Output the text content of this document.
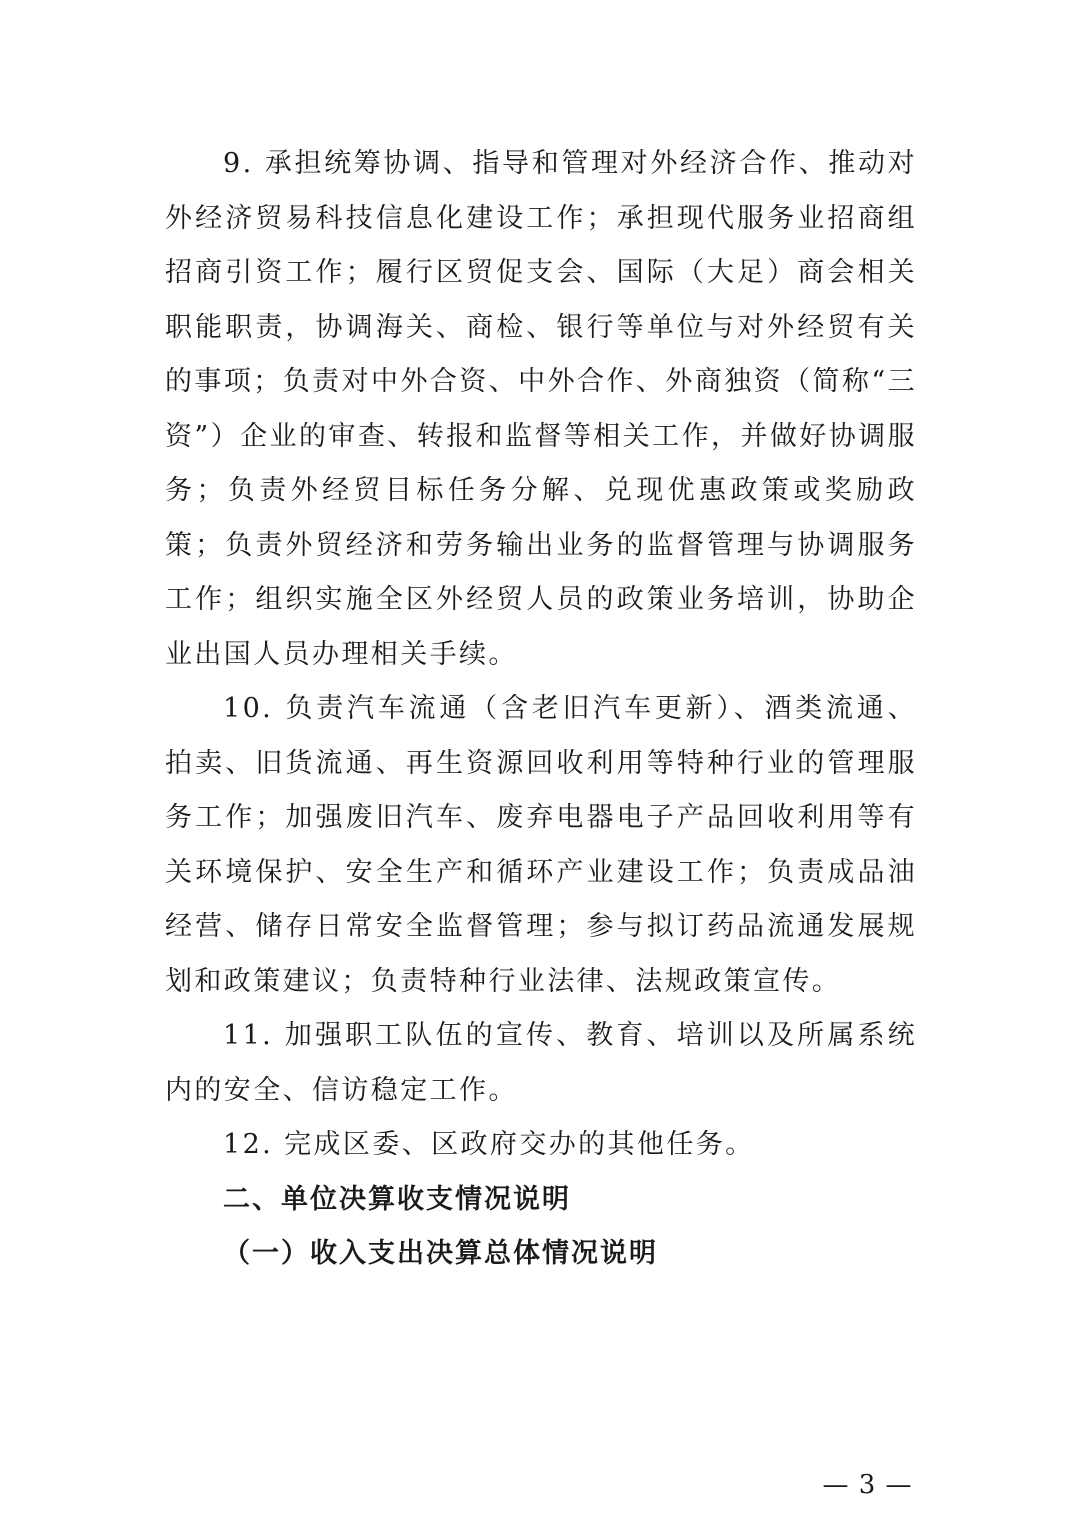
9. 承担统筹协调、指导和管理对外经济合作、推动对外经济贸易科技信息化建设工作；承担现代服务业招商组招商引资工作；履行区贸促支会、国际（大足）商会相关职能职责，协调海关、商检、银行等单位与对外经贸有关的事项；负责对中外合资、中外合作、外商独资（简称“三资”）企业的审查、转报和监督等相关工作，并做好协调服务；负责外经贸目标任务分解、兑现优惠政策或奖励政策；负责外贸经济和劳务输出业务的监督管理与协调服务工作；组织实施全区外经贸人员的政策业务培训，协助企业出国人员办理相关手续。

10. 负责汽车流通（含老旧汽车更新）、酒类流通、拍卖、旧货流通、再生资源回收利用等特种行业的管理服务工作；加强废旧汽车、废弃电器电子产品回收利用等有关环境保护、安全生产和循环产业建设工作；负责成品油经营、储存日常安全监督管理；参与拟订药品流通发展规划和政策建议；负责特种行业法律、法规政策宣传。

11. 加强职工队伍的宣传、教育、培训以及所属系统内的安全、信访稳定工作。

12. 完成区委、区政府交办的其他任务。

二、单位决算收支情况说明

（一）收入支出决算总体情况说明

— 3 —
